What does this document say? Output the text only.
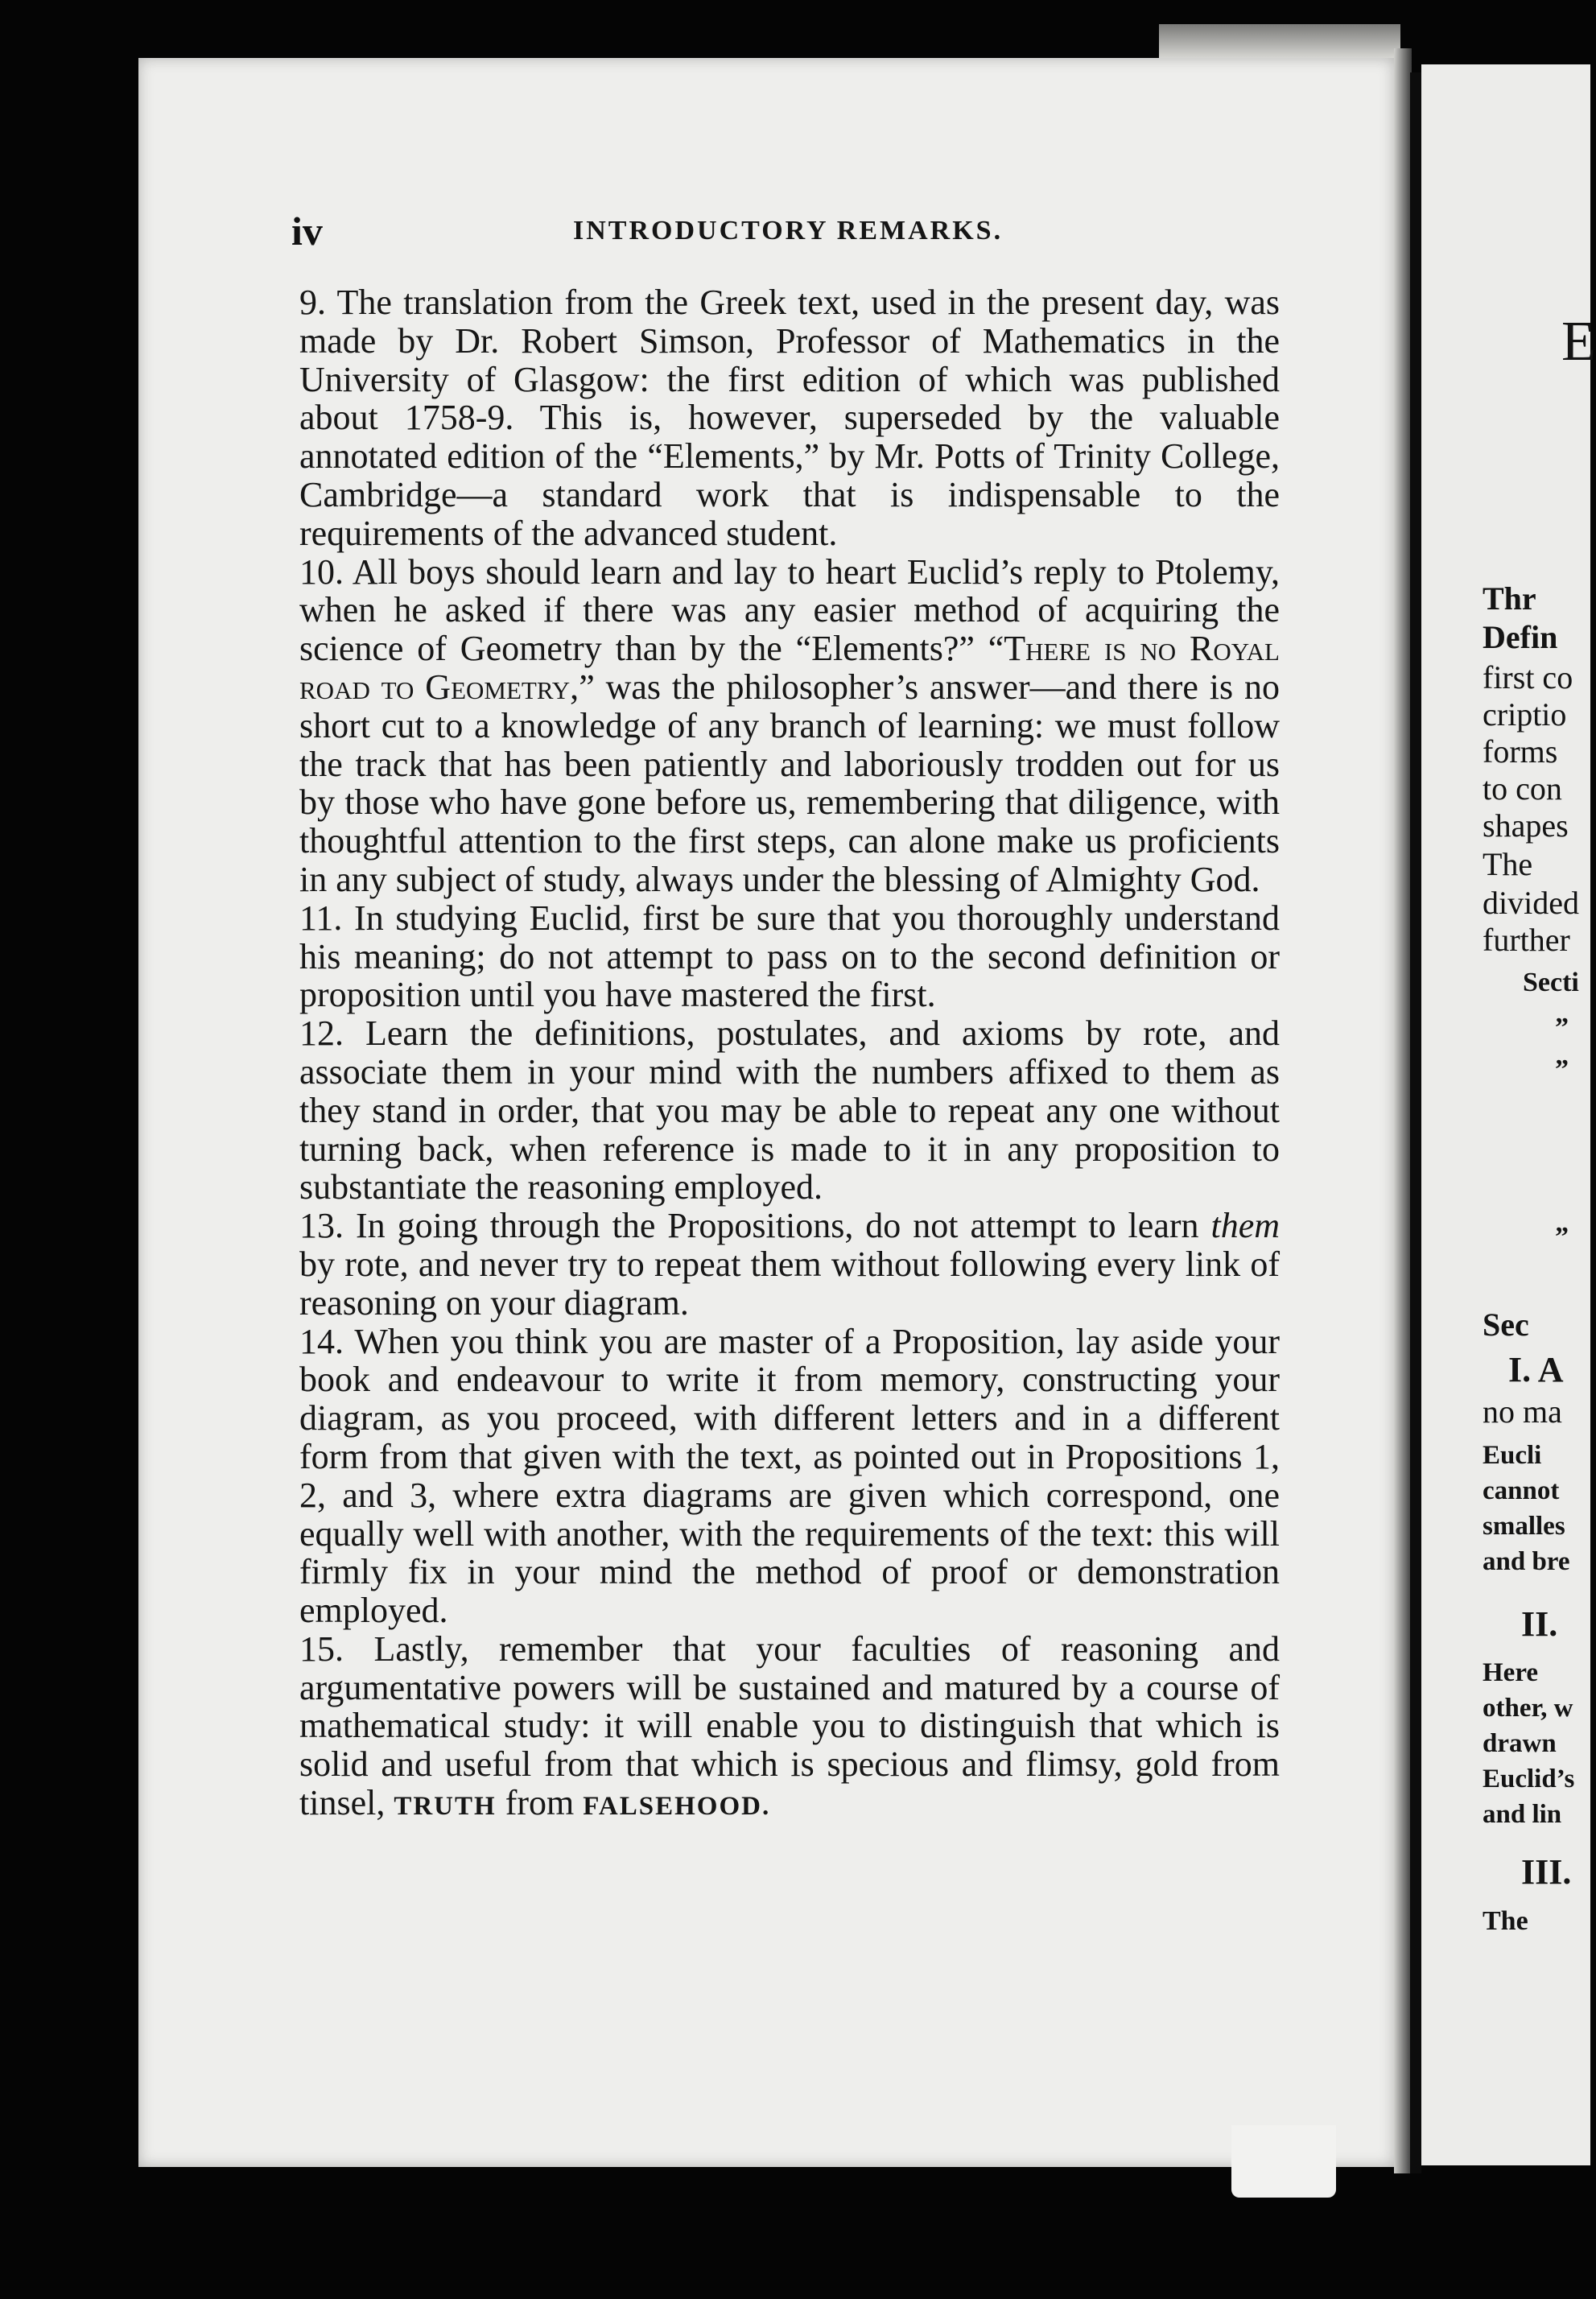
iv	INTRODUCTORY REMARKS.

9. The translation from the Greek text, used in the present day, was made by Dr. Robert Simson, Professor of Mathematics in the University of Glasgow: the first edition of which was published about 1758-9. This is, however, superseded by the valuable annotated edition of the “Elements,” by Mr. Potts of Trinity College, Cambridge—a standard work that is indispensable to the requirements of the advanced student.

10. All boys should learn and lay to heart Euclid’s reply to Ptolemy, when he asked if there was any easier method of acquiring the science of Geometry than by the “Elements?” “There is no Royal road to Geometry,” was the philosopher’s answer—and there is no short cut to a knowledge of any branch of learning: we must follow the track that has been patiently and laboriously trodden out for us by those who have gone before us, remembering that diligence, with thoughtful attention to the first steps, can alone make us proficients in any subject of study, always under the blessing of Almighty God.

11. In studying Euclid, first be sure that you thoroughly understand his meaning; do not attempt to pass on to the second definition or proposition until you have mastered the first.

12. Learn the definitions, postulates, and axioms by rote, and associate them in your mind with the numbers affixed to them as they stand in order, that you may be able to repeat any one without turning back, when reference is made to it in any proposition to substantiate the reasoning employed.

13. In going through the Propositions, do not attempt to learn them by rote, and never try to repeat them without following every link of reasoning on your diagram.

14. When you think you are master of a Proposition, lay aside your book and endeavour to write it from memory, constructing your diagram, as you proceed, with different letters and in a different form from that given with the text, as pointed out in Propositions 1, 2, and 3, where extra diagrams are given which correspond, one equally well with another, with the requirements of the text: this will firmly fix in your mind the method of proof or demonstration employed.

15. Lastly, remember that your faculties of reasoning and argumentative powers will be sustained and matured by a course of mathematical study: it will enable you to distinguish that which is solid and useful from that which is specious and flimsy, gold from tinsel, TRUTH from FALSEHOOD.

E
Thr
Defin
first co
criptio
forms
to con
shapes
The
divided
further
Secti
”
”
”
Sec
I. A
no ma
Eucli
cannot
smalles
and bre
II.
Here
other, w
drawn
Euclid’s
and lin
III.
The
